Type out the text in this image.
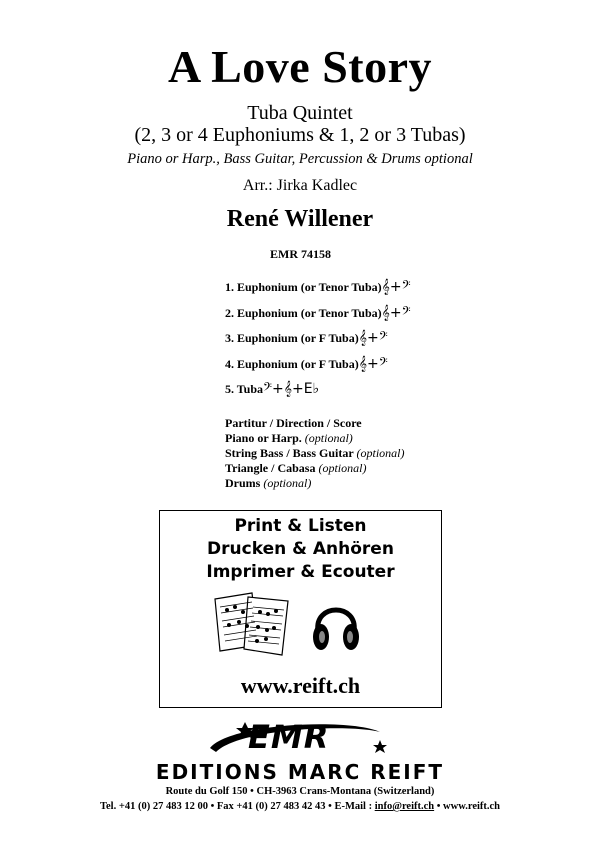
A Love Story
Tuba Quintet
(2, 3 or 4 Euphoniums & 1, 2 or 3 Tubas)
Piano or Harp., Bass Guitar, Percussion & Drums optional
Arr.: Jirka Kadlec
René Willener
EMR 74158
1. Euphonium (or Tenor Tuba)𝄞+𝄢
2. Euphonium (or Tenor Tuba)𝄞+𝄢
3. Euphonium (or F Tuba)𝄞+𝄢
4. Euphonium (or F Tuba)𝄞+𝄢
5. Tuba𝄢+𝄞+E♭
Partitur / Direction / Score
Piano or Harp. (optional)
String Bass / Bass Guitar (optional)
Triangle / Cabasa (optional)
Drums (optional)
Print & Listen
Drucken & Anhören
Imprimer & Ecouter
www.reift.ch
EMR
EDITIONS MARC REIFT
Route du Golf 150 • CH-3963 Crans-Montana (Switzerland)
Tel. +41 (0) 27 483 12 00 • Fax +41 (0) 27 483 42 43 • E-Mail : info@reift.ch • www.reift.ch
